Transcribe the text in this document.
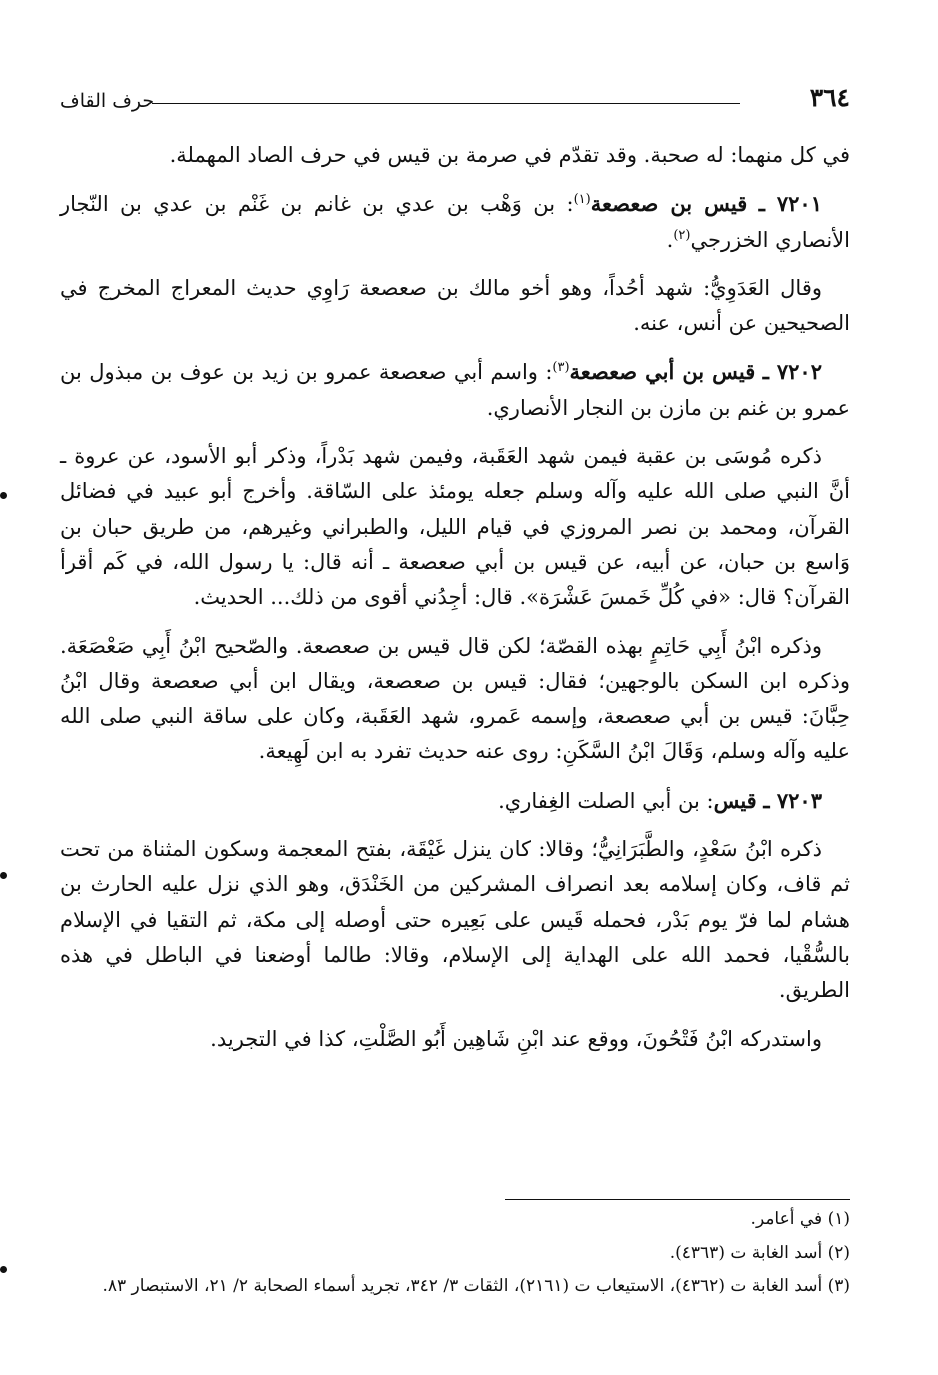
٣٦٤
حرف القاف

في كل منهما: له صحبة. وقد تقدّم في صرمة بن قيس في حرف الصاد المهملة.

٧٢٠١ ـ قيس بن صعصعة$^{(١)}$: بن وَهْب بن عدي بن غانم بن غَنْم بن عدي بن النّجار الأنصاري الخزرجي$^{(٢)}$.

وقال العَدَوِيُّ: شهد أحُداً، وهو أخو مالك بن صعصعة رَاوِي حديث المعراج المخرج في الصحيحين عن أنس، عنه.

٧٢٠٢ ـ قيس بن أبي صعصعة$^{(٣)}$: واسم أبي صعصعة عمرو بن زيد بن عوف بن مبذول بن عمرو بن غنم بن مازن بن النجار الأنصاري.

ذكره مُوسَى بن عقبة فيمن شهد العَقَبة، وفيمن شهد بَدْراً، وذكر أبو الأسود، عن عروة ـ أنَّ النبي صلى الله عليه وآله وسلم جعله يومئذ على السّاقة. وأخرج أبو عبيد في فضائل القرآن، ومحمد بن نصر المروزي في قيام الليل، والطبراني وغيرهم، من طريق حبان بن وَاسع بن حبان، عن أبيه، عن قيس بن أبي صعصعة ـ أنه قال: يا رسول الله، في كَم أقرأ القرآن؟ قال: «في كُلِّ خَمسَ عَشْرَة». قال: أجِدُني أقوى من ذلك... الحديث.

وذكره ابْنُ أَبِي حَاتِمٍ بهذه القصّة؛ لكن قال قيس بن صعصعة. والصّحيح ابْنُ أَبِي صَعْصَعَة. وذكره ابن السكن بالوجهين؛ فقال: قيس بن صعصعة، ويقال ابن أبي صعصعة وقال ابْنُ حِبَّانَ: قيس بن أبي صعصعة، وإسمه عَمرو، شهد العَقَبة، وكان على ساقة النبي صلى الله عليه وآله وسلم، وَقَالَ ابْنُ السَّكَنِ: روى عنه حديث تفرد به ابن لَهِيعة.

٧٢٠٣ ـ قيس: بن أبي الصلت الغِفاري.

ذكره ابْنُ سَعْدٍ، والطَّبَرَانِيُّ؛ وقالا: كان ينزل غَيْقَة، بفتح المعجمة وسكون المثناة من تحت ثم قاف، وكان إسلامه بعد انصراف المشركين من الخَنْدَق، وهو الذي نزل عليه الحارث بن هشام لما فرّ يوم بَدْر، فحمله قَيس على بَعِيره حتى أوصله إلى مكة، ثم التقيا في الإسلام بالسُّقْيا، فحمد الله على الهداية إلى الإسلام، وقالا: طالما أوضعنا في الباطل في هذه الطريق.

واستدركه ابْنُ فَتْحُونَ، ووقع عند ابْنِ شَاهِين أَبُو الصَّلْتِ، كذا في التجريد.

(١) في أعامر.

(٢) أسد الغابة ت (٤٣٦٣).

(٣) أسد الغابة ت (٤٣٦٢)، الاستيعاب ت (٢١٦١)، الثقات ٣/ ٣٤٢، تجريد أسماء الصحابة ٢/ ٢١، الاستبصار ٨٣.
